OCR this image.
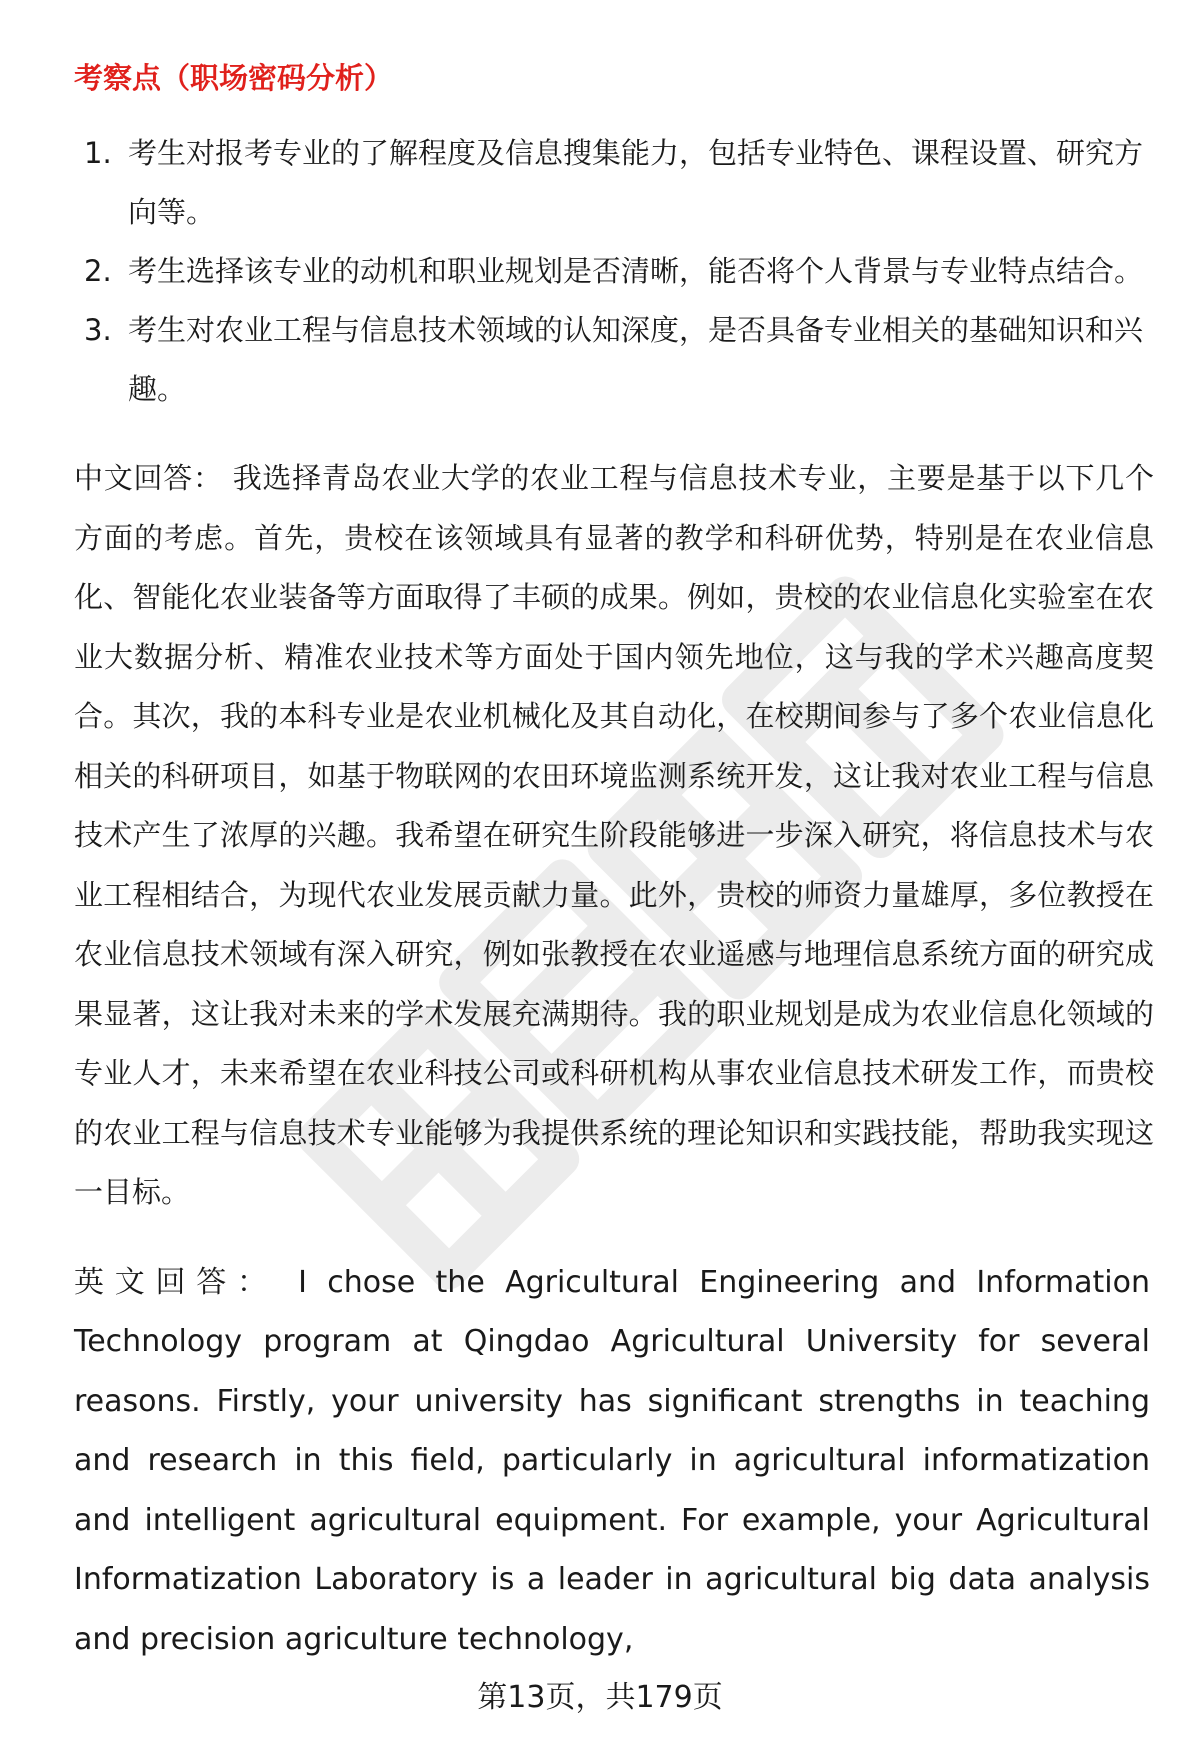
考察点（职场密码分析）
1. 考生对报考专业的了解程度及信息搜集能力，包括专业特色、课程设置、研究方向等。
2. 考生选择该专业的动机和职业规划是否清晰，能否将个人背景与专业特点结合。
3. 考生对农业工程与信息技术领域的认知深度，是否具备专业相关的基础知识和兴趣。
中文回答： 我选择青岛农业大学的农业工程与信息技术专业，主要是基于以下几个方面的考虑。首先，贵校在该领域具有显著的教学和科研优势，特别是在农业信息化、智能化农业装备等方面取得了丰硕的成果。例如，贵校的农业信息化实验室在农业大数据分析、精准农业技术等方面处于国内领先地位，这与我的学术兴趣高度契合。其次，我的本科专业是农业机械化及其自动化，在校期间参与了多个农业信息化相关的科研项目，如基于物联网的农田环境监测系统开发，这让我对农业工程与信息技术产生了浓厚的兴趣。我希望在研究生阶段能够进一步深入研究，将信息技术与农业工程相结合，为现代农业发展贡献力量。此外，贵校的师资力量雄厚，多位教授在农业信息技术领域有深入研究，例如张教授在农业遥感与地理信息系统方面的研究成果显著，这让我对未来的学术发展充满期待。我的职业规划是成为农业信息化领域的专业人才，未来希望在农业科技公司或科研机构从事农业信息技术研发工作，而贵校的农业工程与信息技术专业能够为我提供系统的理论知识和实践技能，帮助我实现这一目标。
英文回答： I chose the Agricultural Engineering and Information Technology program at Qingdao Agricultural University for several reasons. Firstly, your university has significant strengths in teaching and research in this field, particularly in agricultural informatization and intelligent agricultural equipment. For example, your Agricultural Informatization Laboratory is a leader in agricultural big data analysis and precision agriculture technology,
第13页，共179页
